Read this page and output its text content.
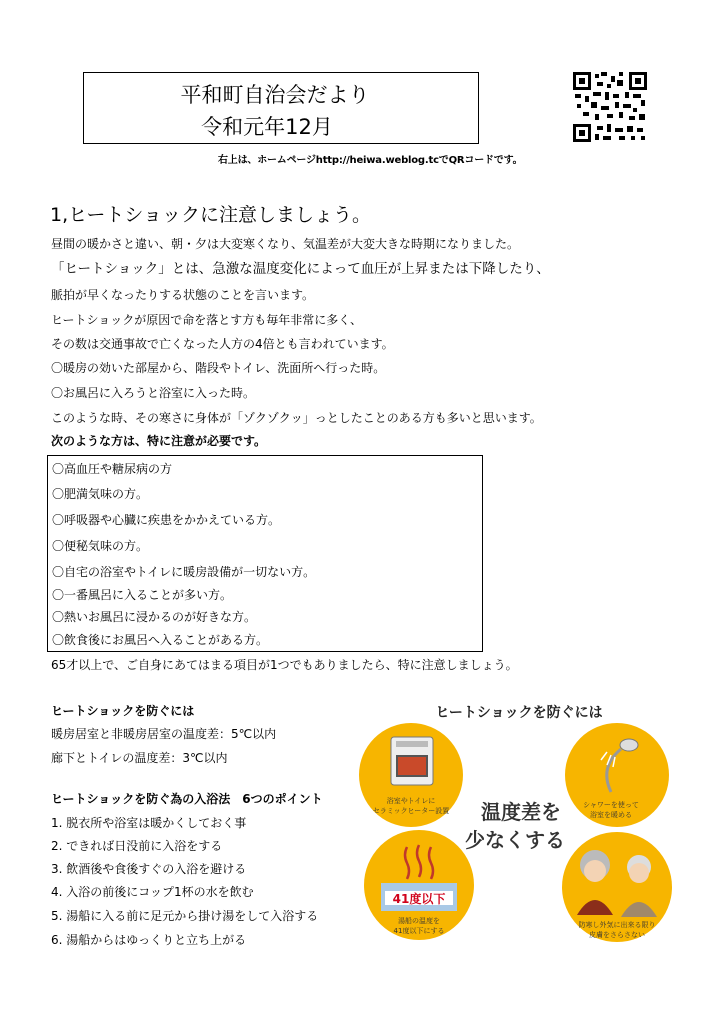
平和町自治会だより
令和元年12月
右上は、ホームページhttp://heiwa.weblog.tcでQRコードです。
1,ヒートショックに注意しましょう。
昼間の暖かさと違い、朝・夕は大変寒くなり、気温差が大変大きな時期になりました。
「ヒートショック」とは、急激な温度変化によって血圧が上昇または下降したり、
脈拍が早くなったりする状態のことを言います。
ヒートショックが原因で命を落とす方も毎年非常に多く、
その数は交通事故で亡くなった人方の4倍とも言われています。
〇暖房の効いた部屋から、階段やトイレ、洗面所へ行った時。
〇お風呂に入ろうと浴室に入った時。
このような時、その寒さに身体が「ゾクゾクッ」っとしたことのある方も多いと思います。
次のような方は、特に注意が必要です。
〇高血圧や糖尿病の方
〇肥満気味の方。
〇呼吸器や心臓に疾患をかかえている方。
〇便秘気味の方。
〇自宅の浴室やトイレに暖房設備が一切ない方。
〇一番風呂に入ることが多い方。
〇熱いお風呂に浸かるのが好きな方。
〇飲食後にお風呂へ入ることがある方。
65才以上で、ご自身にあてはまる項目が1つでもありましたら、特に注意しましょう。
ヒートショックを防ぐには
暖房居室と非暖房居室の温度差：5℃以内
廊下とトイレの温度差：3℃以内
ヒートショックを防ぐ為の入浴法　6つのポイント
1. 脱衣所や浴室は暖かくしておく事
2. できれば日没前に入浴をする
3. 飲酒後や食後すぐの入浴を避ける
4. 入浴の前後にコップ1杯の水を飲む
5. 湯船に入る前に足元から掛け湯をして入浴する
6. 湯船からはゆっくりと立ち上がる
ヒートショックを防ぐには
浴室やトイレに
セラミックヒーター設置
シャワーを使って
浴室を暖める
温度差を
少なくする
41度以下
湯船の温度を
41度以下にする
防寒し外気に出来る限り
皮膚をさらさない
